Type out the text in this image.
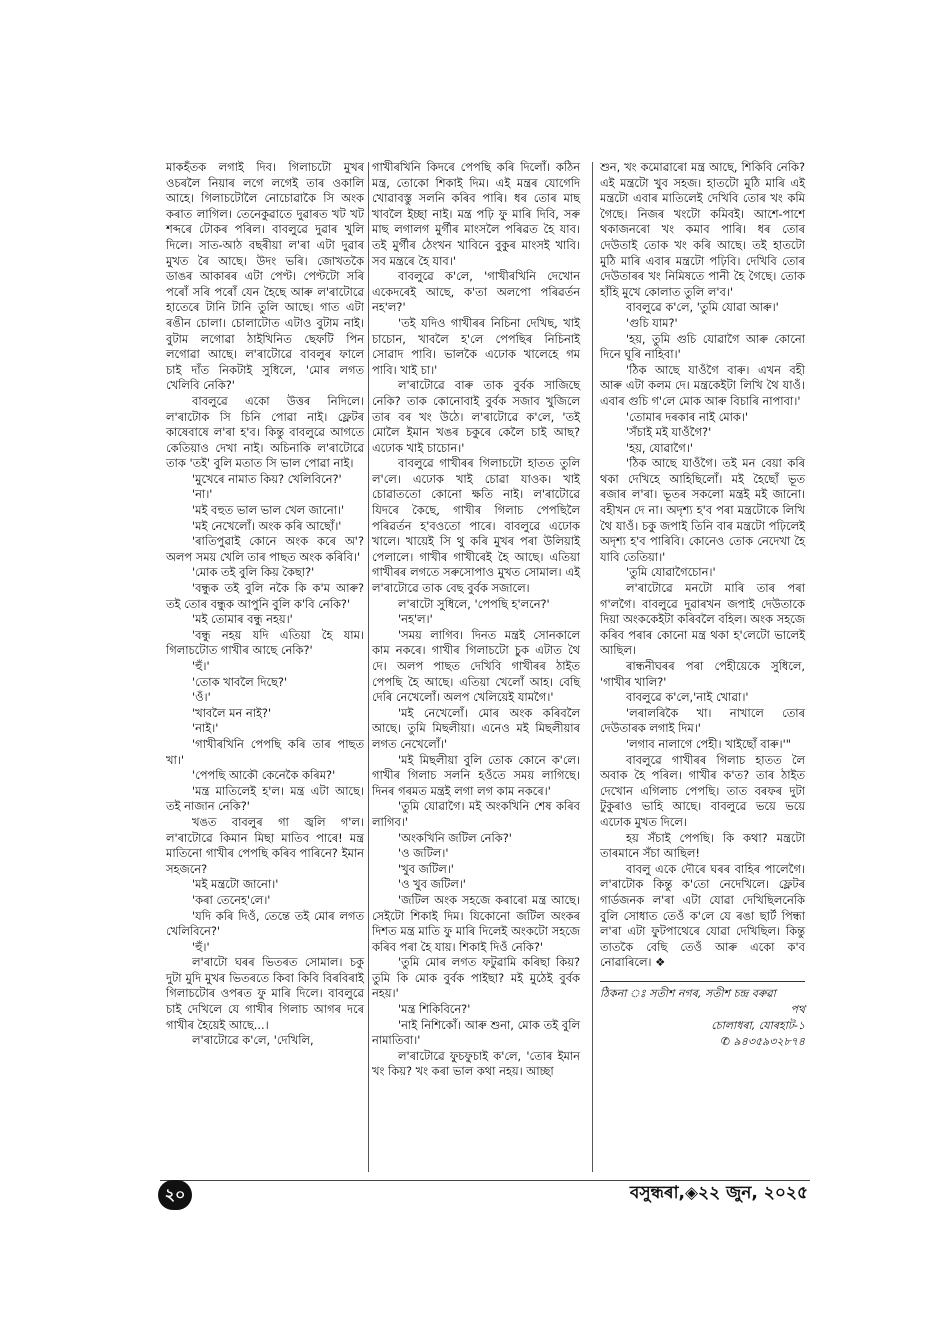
মাকহঁতক লগাই দিব। গিলাচটো মুখৰ ওচৰলৈ নিয়াৰ লগে লগেই তাৰ ওকালি আহে। গিলাচটোলৈ নোচোৱাকৈ সি অংক কৰাত লাগিল। তেনেকুৱাতে দুৱাৰত খট খট শব্দৰে টোকৰ পৰিল। বাবলুৱে দুৱাৰ খুলি দিলে। সাত-আঠ বছৰীয়া ল'ৰা এটা দুৱাৰ মুখত ৰৈ আছে। উদং ভৰি। জোখতকৈ ডাঙৰ আকাৰৰ এটা পেণ্ট। পেণ্টটো সৰি পৰোঁ সৰি পৰোঁ যেন হৈছে আৰু ল'ৰাটোৱে হাতেৰে টানি টানি তুলি আছে। গাত এটা ৰঙীন চোলা। চোলাটোত এটাও বুটাম নাই। বুটাম লগোৱা ঠাইখিনিত ছেফটি পিন লগোৱা আছে। ল'ৰাটোৱে বাবলুৰ ফালে চাই দাঁত নিকটাই সুধিলে, 'মোৰ লগত খেলিবি নেকি?'

বাবলুৱে একো উত্তৰ নিদিলে। ল'ৰাটোক সি চিনি পোৱা নাই। ফ্লেটৰ কাষেবাষে ল'ৰা হ'ব। কিন্তু বাবলুৱে আগতে কেতিয়াও দেখা নাই। অচিনাকি ল'ৰাটোৱে তাক 'তই' বুলি মতাত সি ভাল পোৱা নাই।

'মুখেৰে নামাত কিয়? খেলিবিনে?'

'না।'

'মই বহুত ভাল ভাল খেল জানো।'

'মই নেখেলোঁ। অংক কৰি আছোঁ।'

'ৰাতিপুৱাই কোনে অংক কৰে অ'? অলপ সময় খেলি তাৰ পাছত অংক কৰিবি।'

'মোক তই বুলি কিয় কৈছা?'

'বন্ধুক তই বুলি নকৈ কি ক'ম আৰু? তই তোৰ বন্ধুক আপুনি বুলি ক'বি নেকি?'

'মই তোমাৰ বন্ধু নহয়।'

'বন্ধু নহয় যদি এতিয়া হৈ যাম। গিলাচটোত গাখীৰ আছে নেকি?'

'হুঁ।'

'তোক খাবলৈ দিছে?'

'ওঁ।'

'খাবলৈ মন নাই?'

'নাই।'

'গাখীৰখিনি পেপছি কৰি তাৰ পাছত খা।'

'পেপছি আকৌ কেনেকৈ কৰিম?'

'মন্ত্ৰ মাতিলেই হ'ল। মন্ত্ৰ এটা আছে। তই নাজান নেকি?'

খঙত বাবলুৰ গা জ্বলি গ'ল। ল'ৰাটোৱে কিমান মিছা মাতিব পাৰে! মন্ত্ৰ মাতিনো গাখীৰ পেপছি কৰিব পাৰিনে? ইমান সহজনে?

'মই মন্ত্ৰটো জানো।'

'কৰা তেনেহ'লে।'

'যদি কৰি দিওঁ, তেন্তে তই মোৰ লগত খেলিবিনে?'

'হুঁ।'

ল'ৰাটো ঘৰৰ ভিতৰত সোমাল। চকু দুটা মুদি মুখৰ ভিতৰতে কিবা কিবি বিৰবিৰাই গিলাচটোৰ ওপৰত ফু মাৰি দিলে। বাবলুৱে চাই দেখিলে যে গাখীৰ গিলাচ আগৰ দৰে গাখীৰ হৈয়েই আছে...।

ল'ৰাটোৱে ক'লে, 'দেখিলি,

গাখীৰখিনি কিদৰে পেপছি কৰি দিলোঁ। কঠিন মন্ত্ৰ, তোকো শিকাই দিম। এই মন্ত্ৰৰ যোগেদি খোৱাবস্তু সলনি কৰিব পাৰি। ধৰ তোৰ মাছ খাবলৈ ইচ্ছা নাই। মন্ত্ৰ পঢ়ি ফু মাৰি দিবি, সৰু মাছ লগালগ মুৰ্গীৰ মাংসলৈ পৰিৱত হৈ যাব। তই মুৰ্গীৰ ঠেংখন খাবিনে বুকুৰ মাংসই খাবি। সব মন্ত্ৰৰে হৈ যাব।'

বাবলুৱে ক'লে, 'গাখীৰখিনি দেখোন একেদৰেই আছে, ক'তা অলপো পৰিৱৰ্তন নহ'ল?'

'তই যদিও গাখীৰৰ নিচিনা দেখিছ, খাই চাচোন, খাবলৈ হ'লে পেপছিৰ নিচিনাই সোৱাদ পাবি। ভালকৈ এঢোক খালেহে গম পাবি। খাই চা।'

ল'ৰাটোৱে বাৰু তাক বুৰ্বক সাজিছে নেকি? তাক কোনোবাই বুৰ্বক সজাব খুজিলে তাৰ বৰ খং উঠে। ল'ৰাটোৱে ক'লে, 'তই মোলৈ ইমান খঙৰ চকুৰে কেলৈ চাই আছ? এঢোক খাই চাচোন।'

বাবলুৱে গাখীৰৰ গিলাচটো হাতত তুলি ল'লে। এঢোক খাই চোৱা যাওক। খাই চোৱাততো কোনো ক্ষতি নাই। ল'ৰাটোৱে যিদৰে কৈছে, গাখীৰ গিলাচ পেপছিলৈ পৰিৱৰ্তন হ'বওতো পাৰে। বাবলুৱে এঢোক খালে। খায়েই সি থু কৰি মুখৰ পৰা উলিয়াই পেলালে। গাখীৰ গাখীৰেই হৈ আছে। এতিয়া গাখীৰৰ লগতে সৰুসোপাও মুখত সোমাল। এই ল'ৰাটোৱে তাক বেছ বুৰ্বক সজালে।

ল'ৰাটো সুধিলে, 'পেপছি হ'লনে?'

'নহ'ল।'

'সময় লাগিব। দিনত মন্ত্ৰই সোনকালে কাম নকৰে। গাখীৰ গিলাচটো চুক এটাত থৈ দে। অলপ পাছত দেখিবি গাখীৰৰ ঠাইত পেপছি হৈ আছে। এতিয়া খেলোঁ আহ। বেছি দেৰি নেখেলোঁ। অলপ খেলিয়েই যামগৈ।'

'মই নেখেলোঁ। মোৰ অংক কৰিবলৈ আছে। তুমি মিছলীয়া। এনেও মই মিছলীয়াৰ লগত নেখেলোঁ।'

'মই মিছলীয়া বুলি তোক কোনে ক'লে। গাখীৰ গিলাচ সলনি হওঁতে সময় লাগিছে। দিনৰ গৰমত মন্ত্ৰই লগা লগ কাম নকৰে।'

'তুমি যোৱাগৈ। মই অংকখিনি শেষ কৰিব লাগিব।'

'অংকখিনি জটিল নেকি?'

'ও জটিল।'

'খুব জটিল।'

'ও খুব জটিল।'

'জটিল অংক সহজে কৰাৰো মন্ত্ৰ আছে। সেইটো শিকাই দিম। যিকোনো জটিল অংকৰ দিশত মন্ত্ৰ মাতি ফু মাৰি দিলেই অংকটো সহজে কৰিব পৰা হৈ যায়। শিকাই দিওঁ নেকি?'

'তুমি মোৰ লগত ফটুৱামি কৰিছা কিয়? তুমি কি মোক বুৰ্বক পাইছা? মই মুঠেই বুৰ্বক নহয়।'

'মন্ত্ৰ শিকিবিনে?'

'নাই নিশিকোঁ। আৰু শুনা, মোক তই বুলি নামাতিবা।'

ল'ৰাটোৱে ফুচফুচাই ক'লে, 'তোৰ ইমান খং কিয়? খং কৰা ভাল কথা নহয়। আচ্ছা

শুন, খং কমোৱাৰো মন্ত্ৰ আছে, শিকিবি নেকি? এই মন্ত্ৰটো খুব সহজ। হাতটো মুঠি মাৰি এই মন্ত্ৰটো এবাৰ মাতিলেই দেখিবি তোৰ খং কমি গৈছে। নিজৰ খংটো কমিবই। আশে-পাশে থকাজনৰো খং কমাব পাৰি। ধৰ তোৰ দেউতাই তোক খং কৰি আছে। তই হাতটো মুঠি মাৰি এবাৰ মন্ত্ৰটো পঢ়িবি। দেখিবি তোৰ দেউতাৰৰ খং নিমিষতে পানী হৈ গৈছে। তোক হাঁহি মুখে কোলাত তুলি ল'ব।'

বাবলুৱে ক'লে, 'তুমি যোৱা আৰু।'

'গুচি যাম?'

'হয়, তুমি গুচি যোৱাগৈ আৰু কোনো দিনে ঘূৰি নাহিবা।'

'ঠিক আছে যাওঁগৈ বাৰু। এখন বহী আৰু এটা কলম দে। মন্ত্ৰকেইটা লিখি থৈ যাওঁ। এবাৰ গুচি গ'লে মোক আৰু বিচাৰি নাপাবা।'

'তোমাৰ দৰকাৰ নাই মোক।'

'সঁচাই মই যাওঁগৈ?'

'হয়, যোৱাগৈ।'

'ঠিক আছে যাওঁগৈ। তই মন বেয়া কৰি থকা দেখিহে আহিছিলোঁ। মই হৈছোঁ ভূত ৰজাৰ ল'ৰা। ভূতৰ সকলো মন্ত্ৰই মই জানো। বহীখন দে না। অদৃশ্য হ'ব পৰা মন্ত্ৰটোকে লিখি থৈ যাওঁ। চকু জপাই তিনি বাৰ মন্ত্ৰটো পঢ়িলেই অদৃশ্য হ'ব পাৰিবি। কোনেও তোক নেদেখা হৈ যাবি তেতিয়া।'

'তুমি যোৱাগৈচোন।'

ল'ৰাটোৱে মনটো মাৰি তাৰ পৰা গ'লগৈ। বাবলুৱে দুৱাৰখন জপাই দেউতাকে দিয়া অংককেইটা কৰিবলৈ বহিল। অংক সহজে কৰিব পৰাৰ কোনো মন্ত্ৰ থকা হ'লেটো ভালেই আছিল।

ৰান্ধনীঘৰৰ পৰা পেহীয়েকে সুধিলে, 'গাখীৰ খালি?'

বাবলুৱে ক'লে,'নাই খোৱা।'

'লৰালৰিকৈ খা। নাখালে তোৰ দেউতাৰক লগাই দিম।'

'লগাব নালাগে পেহী। খাইছোঁ বাৰু।'"

বাবলুৱে গাখীৰৰ গিলাচ হাতত লৈ অবাক হৈ পৰিল। গাখীৰ ক'ত? তাৰ ঠাইত দেখোন এগিলাচ পেপছি। তাত বৰফৰ দুটা টুকুৰাও ভাহি আছে। বাবলুৱে ভয়ে ভয়ে এঢোক মুখত দিলে।

হয় সঁচাই পেপছি। কি কথা? মন্ত্ৰটো তাৰমানে সঁচা আছিল!

বাবলু একে দৌৰে ঘৰৰ বাহিৰ পালেগৈ। ল'ৰাটোক কিন্তু ক'তো নেদেখিলে। ফ্লেটৰ গাৰ্ডজনক ল'ৰা এটা যোৱা দেখিছিলনেকি বুলি সোধাত তেওঁ ক'লে যে ৰঙা ছাৰ্ট পিন্ধা ল'ৰা এটা ফুটপাথেৰে যোৱা দেখিছিল। কিন্তু তাতকৈ বেছি তেওঁ আৰু একো ক'ব নোৱাৰিলে। ❖

ঠিকনা ঃ সতীশ নগৰ, সতীশ চন্দ্ৰ বৰুৱা
পথ
চোলাধৰা, যোৰহাট-১
✆ ৯৪৩৫৯৩২৮৭৪
২০	বসুন্ধৰা,◈২২ জুন, ২০২৫
